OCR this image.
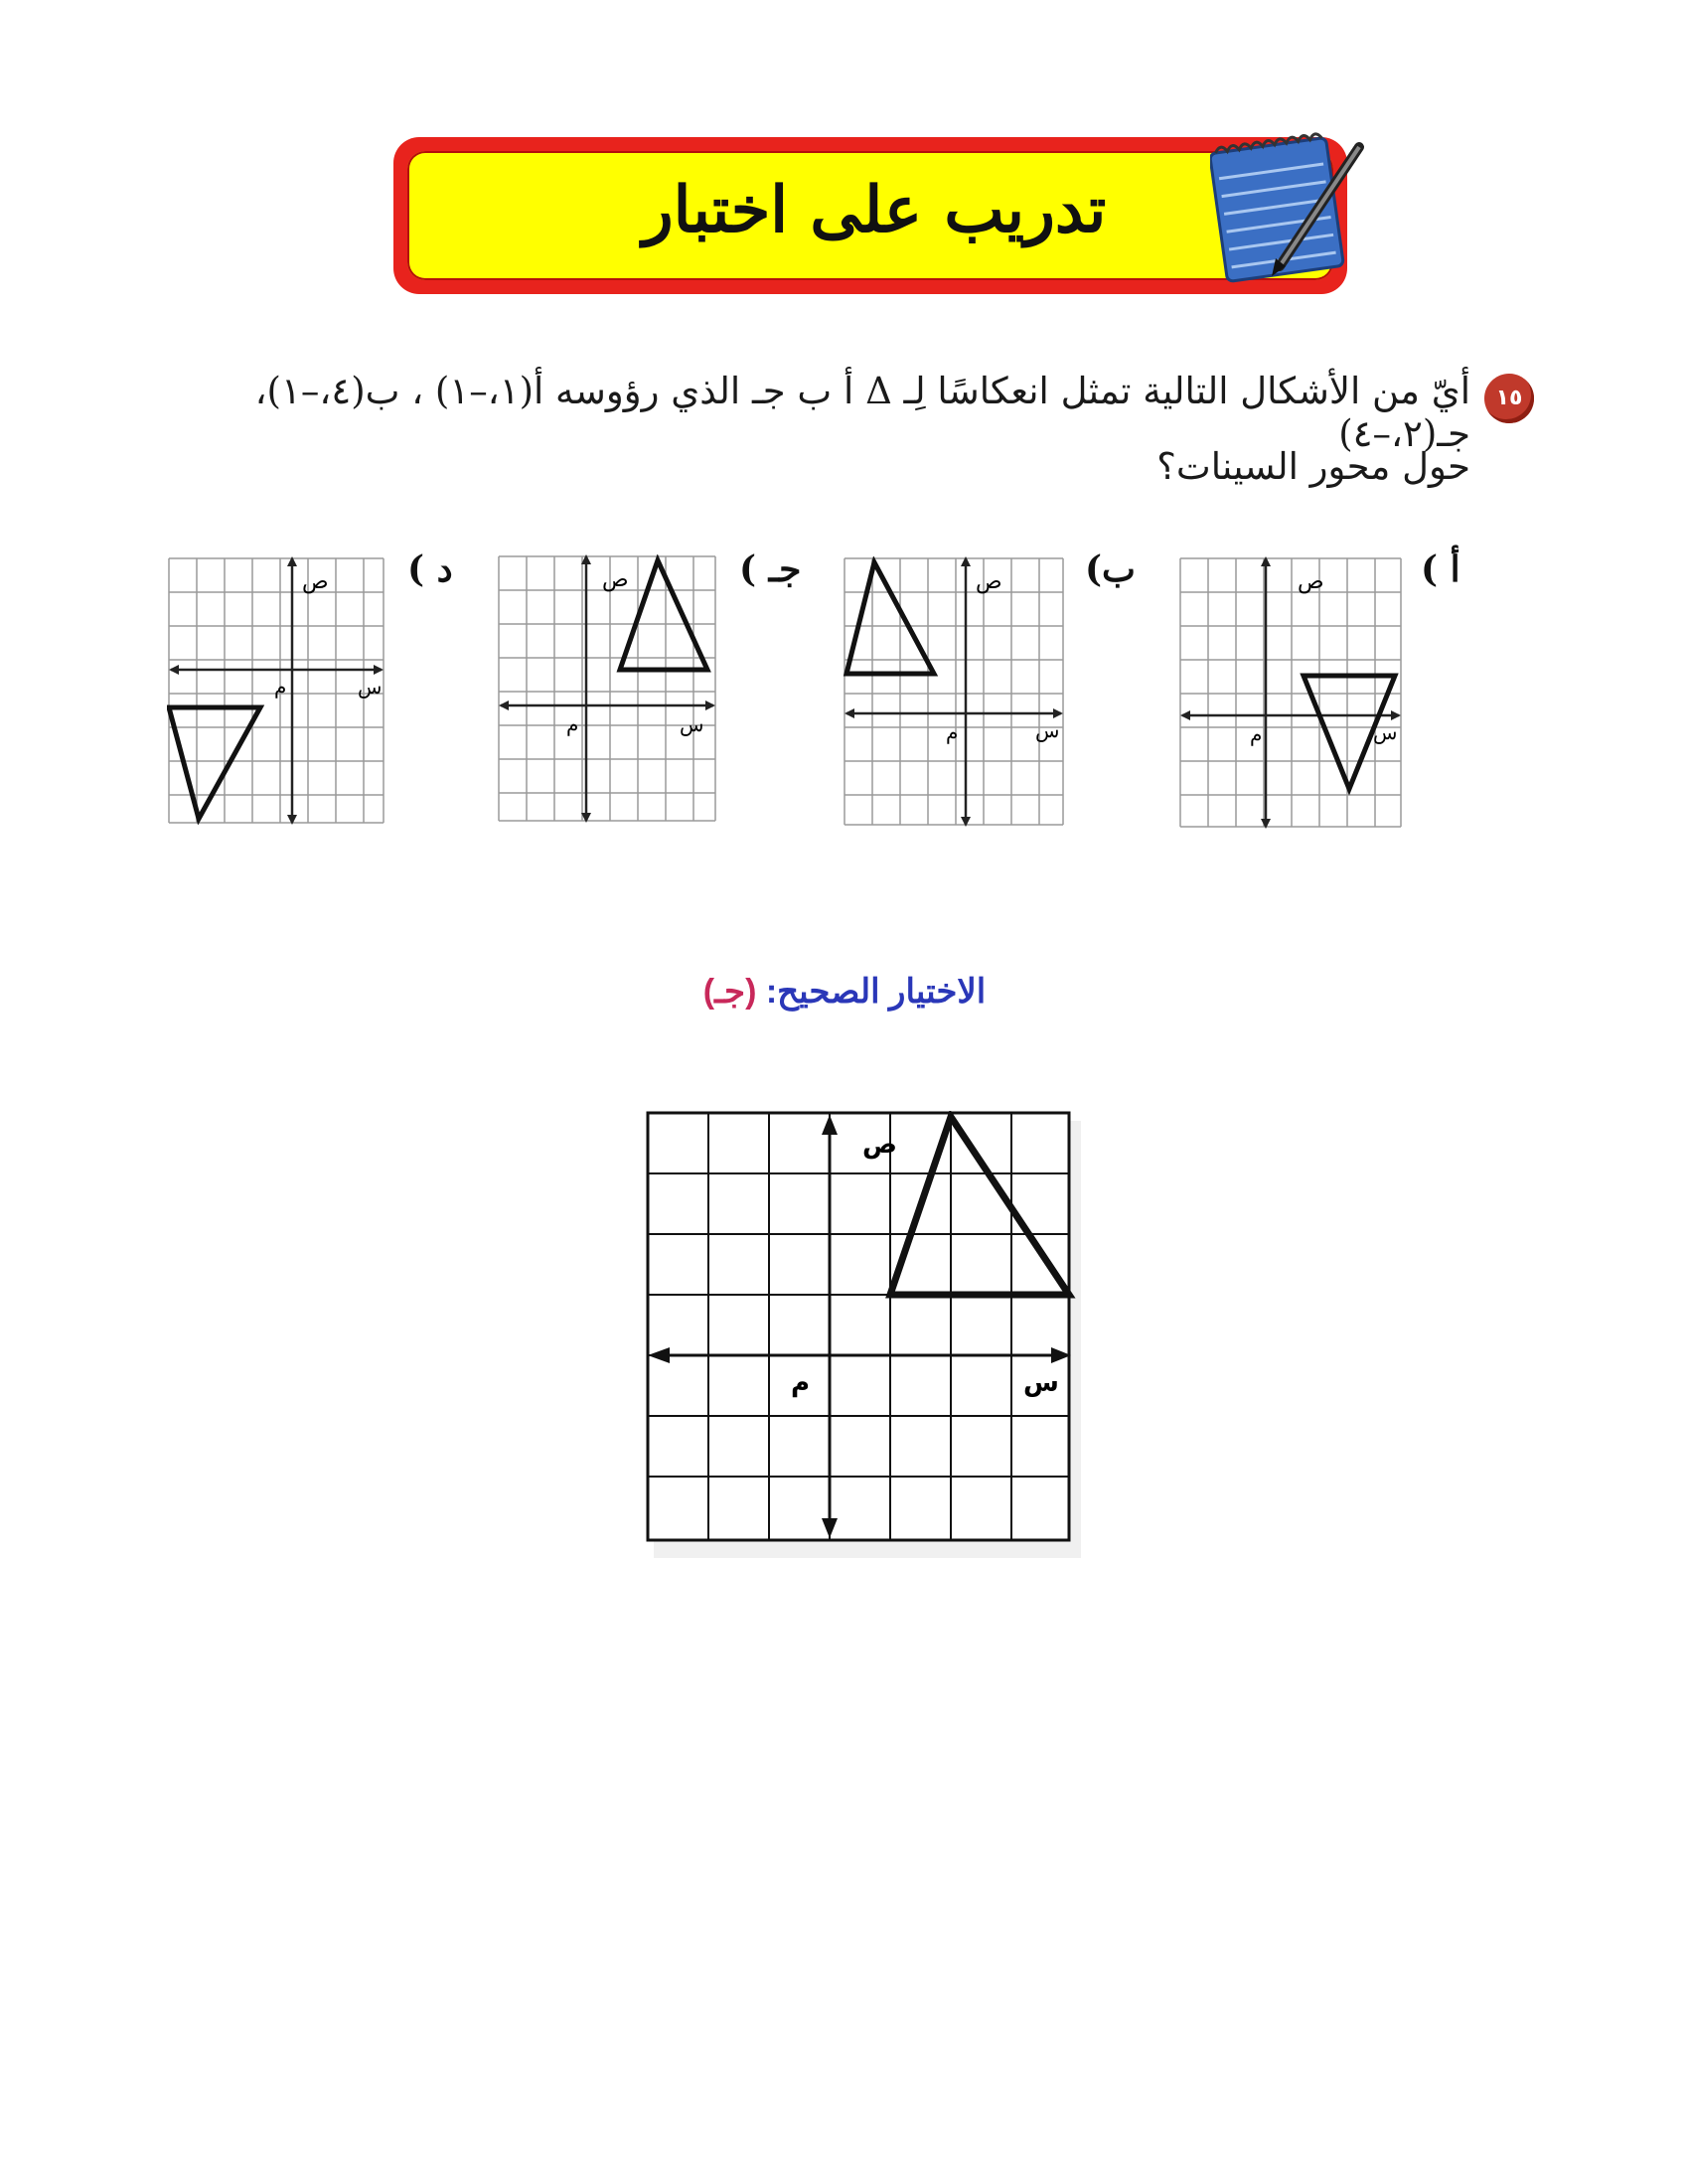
تدريب على اختبار
١٥
أيّ من الأشكال التالية تمثل انعكاسًا لِـ Δ أ ب جـ الذي رؤوسه أ(١،–١) ، ب(٤،–١)، جـ(٢،–٤)
حول محور السينات؟
أ )
ب)
جـ )
د )	ص
م	س
ص
م	س
ص
م	س
ص
م	س
الاختيار الصحيح: (جـ)
ص
م	س
